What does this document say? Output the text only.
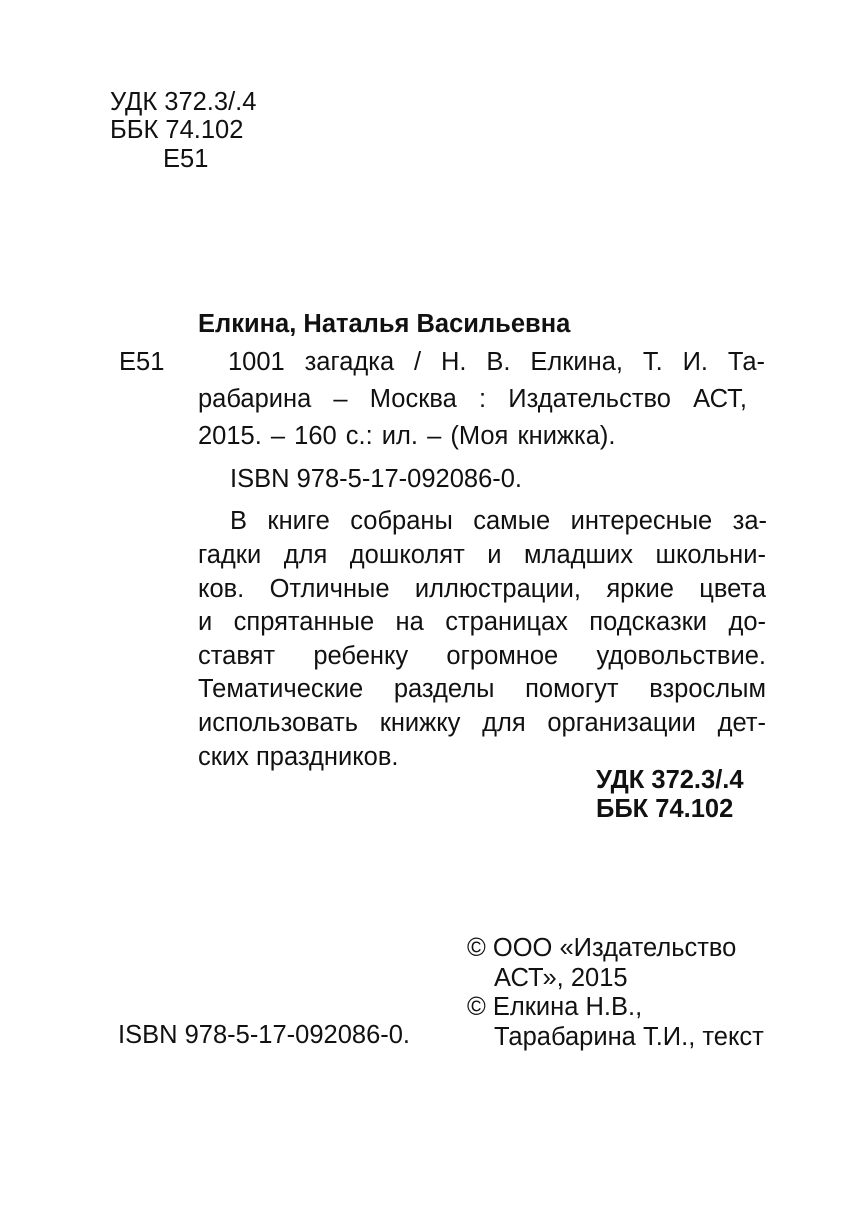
УДК 372.3/.4
ББК 74.102
Е51
Елкина, Наталья Васильевна
Е51 1001 загадка / Н. В. Елкина, Т. И. Та-
рабарина – Москва : Издательство АСТ,
2015. – 160 с.: ил. – (Моя книжка).
ISBN 978-5-17-092086-0.
В книге собраны самые интересные за-
гадки для дошколят и младших школьни-
ков. Отличные иллюстрации, яркие цвета
и спрятанные на страницах подсказки до-
ставят ребенку огромное удовольствие.
Тематические разделы помогут взрослым
использовать книжку для организации дет-
ских праздников.
УДК 372.3/.4
ББК 74.102
© ООО «Издательство
АСТ», 2015
© Елкина Н.В.,
Тарабарина Т.И., текст
ISBN 978-5-17-092086-0.
